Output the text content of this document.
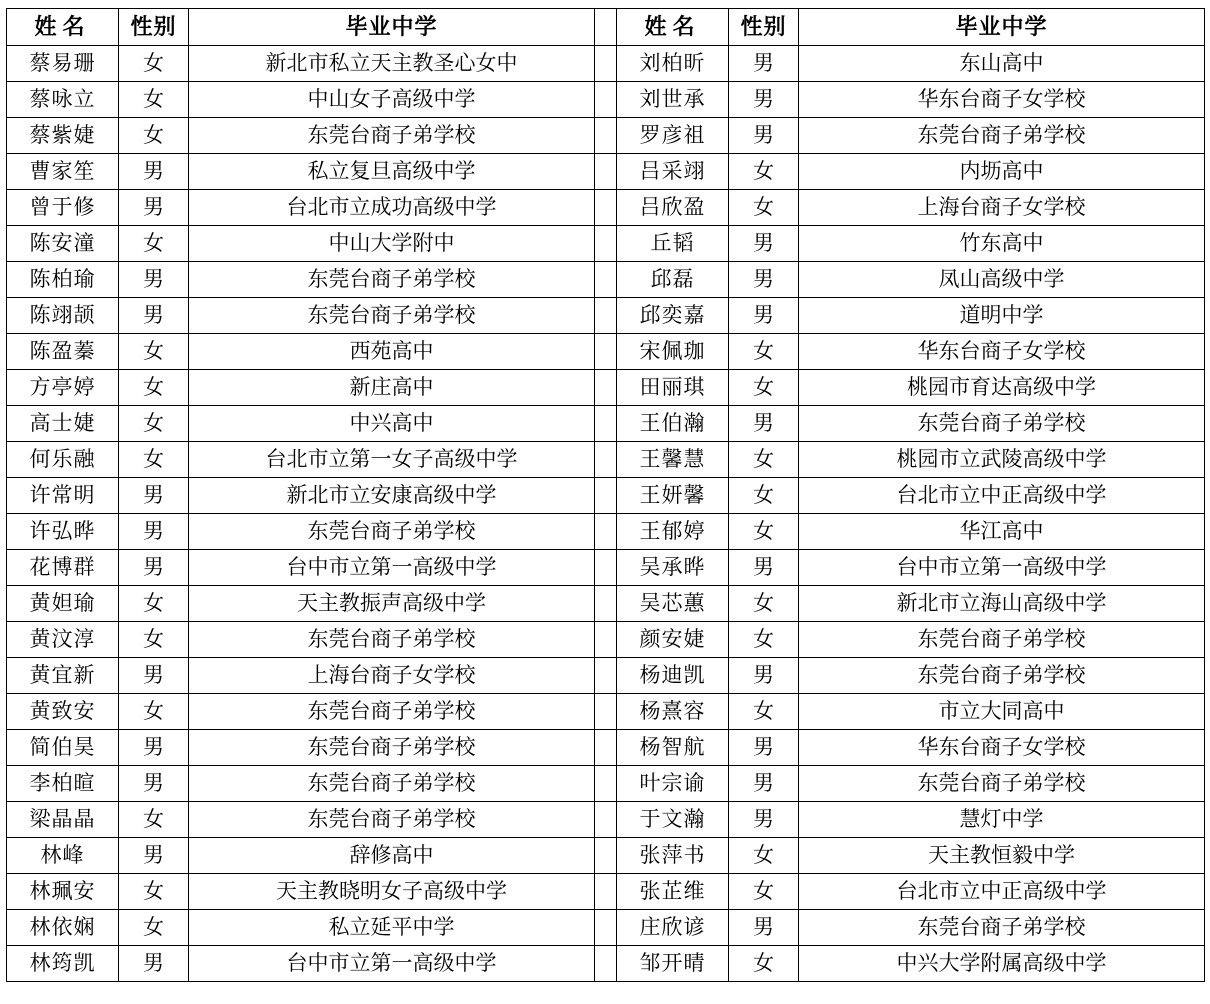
姓名	性别	毕业中学		姓名	性别	毕业中学
蔡易珊	女	新北市私立天主教圣心女中		刘柏昕	男	东山高中
蔡咏立	女	中山女子高级中学		刘世承	男	华东台商子女学校
蔡紫婕	女	东莞台商子弟学校		罗彦祖	男	东莞台商子弟学校
曹家笙	男	私立复旦高级中学		吕采翊	女	内坜高中
曾于修	男	台北市立成功高级中学		吕欣盈	女	上海台商子女学校
陈安潼	女	中山大学附中		丘韬	男	竹东高中
陈柏瑜	男	东莞台商子弟学校		邱磊	男	凤山高级中学
陈翊颉	男	东莞台商子弟学校		邱奕嘉	男	道明中学
陈盈蓁	女	西苑高中		宋佩珈	女	华东台商子女学校
方亭婷	女	新庄高中		田丽琪	女	桃园市育达高级中学
高士婕	女	中兴高中		王伯瀚	男	东莞台商子弟学校
何乐融	女	台北市立第一女子高级中学		王馨慧	女	桃园市立武陵高级中学
许常明	男	新北市立安康高级中学		王妍馨	女	台北市立中正高级中学
许弘晔	男	东莞台商子弟学校		王郁婷	女	华江高中
花博群	男	台中市立第一高级中学		吴承晔	男	台中市立第一高级中学
黄妲瑜	女	天主教振声高级中学		吴芯蕙	女	新北市立海山高级中学
黄汶淳	女	东莞台商子弟学校		颜安婕	女	东莞台商子弟学校
黄宜新	男	上海台商子女学校		杨迪凯	男	东莞台商子弟学校
黄致安	女	东莞台商子弟学校		杨熹容	女	市立大同高中
简伯昊	男	东莞台商子弟学校		杨智航	男	华东台商子女学校
李柏暄	男	东莞台商子弟学校		叶宗谕	男	东莞台商子弟学校
梁晶晶	女	东莞台商子弟学校		于文瀚	男	慧灯中学
林峰	男	辞修高中		张萍书	女	天主教恒毅中学
林珮安	女	天主教晓明女子高级中学		张芷维	女	台北市立中正高级中学
林依娴	女	私立延平中学		庄欣谚	男	东莞台商子弟学校
林筠凯	男	台中市立第一高级中学		邹开晴	女	中兴大学附属高级中学
